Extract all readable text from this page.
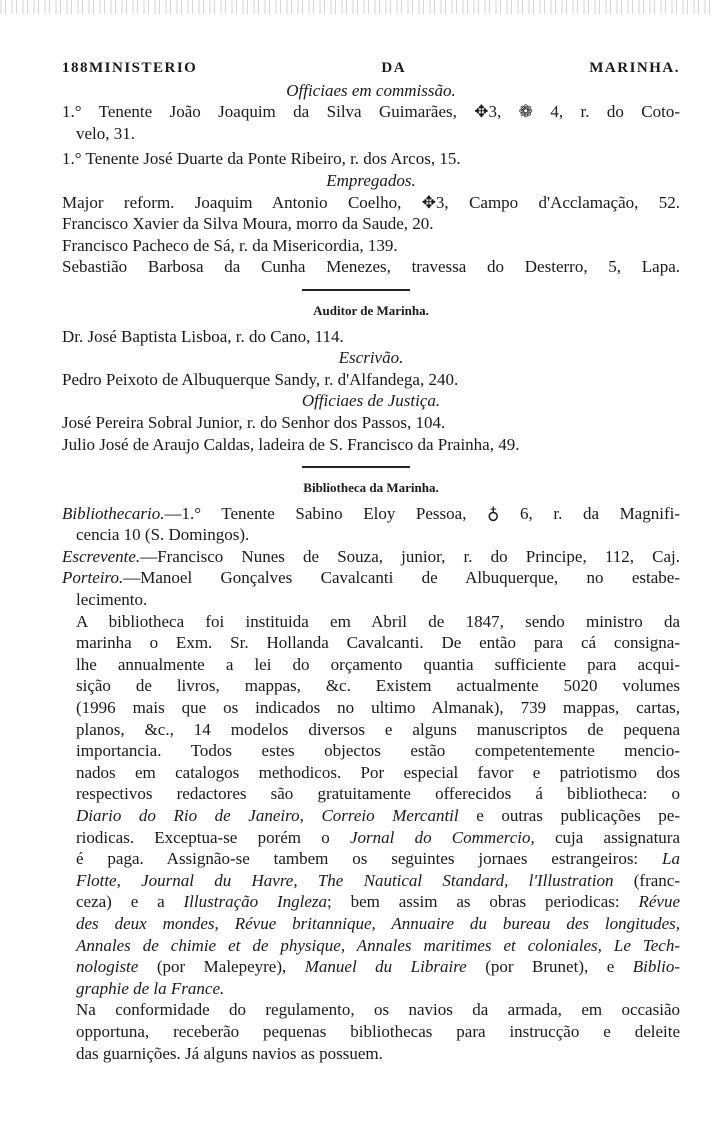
188MINISTERIO DA MARINHA.
Officiaes em commissão.
1.° Tenente João Joaquim da Silva Guimarães, ✥3, ❁ 4, r. do Coto-
velo, 31.
1.° Tenente José Duarte da Ponte Ribeiro, r. dos Arcos, 15.
Empregados.
Major reform. Joaquim Antonio Coelho, ✥3, Campo d'Acclamação, 52.
Francisco Xavier da Silva Moura, morro da Saude, 20.
Francisco Pacheco de Sá, r. da Misericordia, 139.
Sebastião Barbosa da Cunha Menezes, travessa do Desterro, 5, Lapa.
Auditor de Marinha.
Dr. José Baptista Lisboa, r. do Cano, 114.
Escrivão.
Pedro Peixoto de Albuquerque Sandy, r. d'Alfandega, 240.
Officiaes de Justiça.
José Pereira Sobral Junior, r. do Senhor dos Passos, 104.
Julio José de Araujo Caldas, ladeira de S. Francisco da Prainha, 49.
Bibliotheca da Marinha.
Bibliothecario.—1.° Tenente Sabino Eloy Pessoa, ♁ 6, r. da Magnifi-
cencia 10 (S. Domingos).
Escrevente.—Francisco Nunes de Souza, junior, r. do Principe, 112, Caj.
Porteiro.—Manoel Gonçalves Cavalcanti de Albuquerque, no estabe-
lecimento.
A bibliotheca foi instituida em Abril de 1847, sendo ministro da
marinha o Exm. Sr. Hollanda Cavalcanti. De então para cá consigna-
lhe annualmente a lei do orçamento quantia sufficiente para acqui-
sição de livros, mappas, &c. Existem actualmente 5020 volumes
(1996 mais que os indicados no ultimo Almanak), 739 mappas, cartas,
planos, &c., 14 modelos diversos e alguns manuscriptos de pequena
importancia. Todos estes objectos estão competentemente mencio-
nados em catalogos methodicos. Por especial favor e patriotismo dos
respectivos redactores são gratuitamente offerecidos á bibliotheca: o
Diario do Rio de Janeiro, Correio Mercantil e outras publicações pe-
riodicas. Exceptua-se porém o Jornal do Commercio, cuja assignatura
é paga. Assignão-se tambem os seguintes jornaes estrangeiros: La
Flotte, Journal du Havre, The Nautical Standard, l'Illustration (franc-
ceza) e a Illustração Ingleza; bem assim as obras periodicas: Révue
des deux mondes, Révue britannique, Annuaire du bureau des longitudes,
Annales de chimie et de physique, Annales maritimes et coloniales, Le Tech-
nologiste (por Malepeyre), Manuel du Libraire (por Brunet), e Biblio-
graphie de la France.
Na conformidade do regulamento, os navios da armada, em occasião
opportuna, receberão pequenas bibliothecas para instrucção e deleite
das guarnições. Já alguns navios as possuem.
